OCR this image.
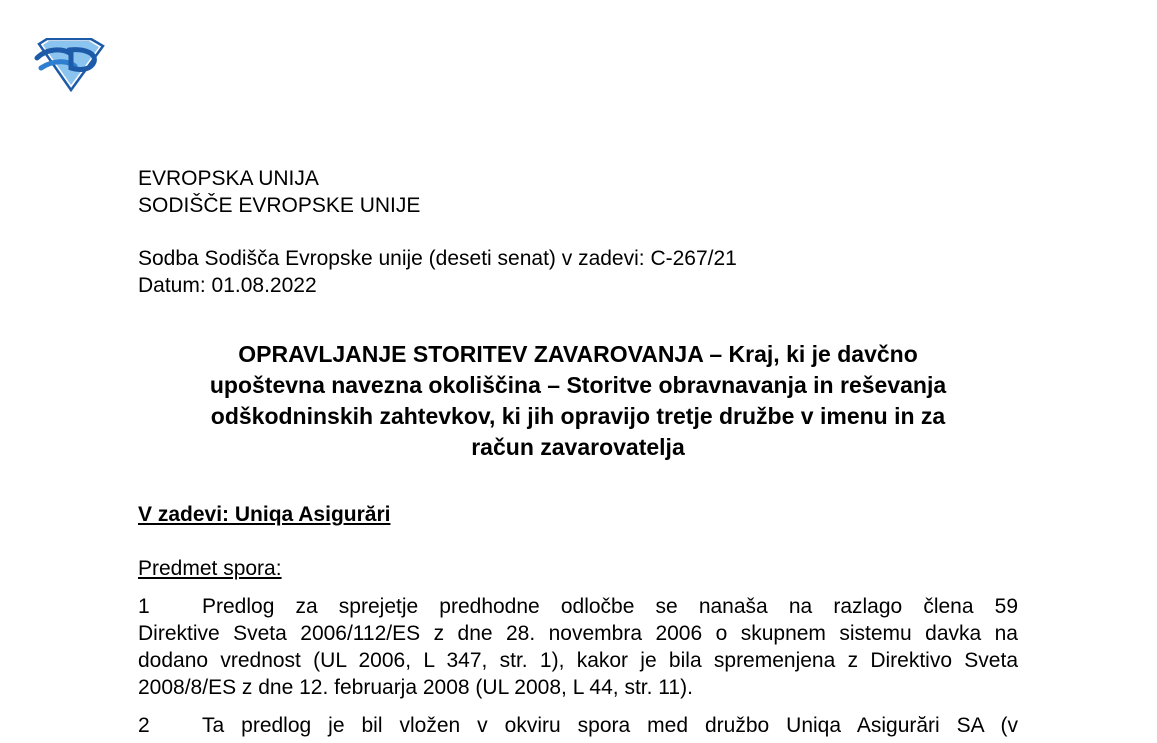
EVROPSKA UNIJA
SODIŠČE EVROPSKE UNIJE
Sodba Sodišča Evropske unije (deseti senat) v zadevi: C-267/21
Datum: 01.08.2022
OPRAVLJANJE STORITEV ZAVAROVANJA – Kraj, ki je davčno
upoštevna navezna okoliščina – Storitve obravnavanja in reševanja
odškodninskih zahtevkov, ki jih opravijo tretje družbe v imenu in za
račun zavarovatelja
V zadevi: Uniqa Asigurări
Predmet spora:
1 Predlog za sprejetje predhodne odločbe se nanaša na razlago člena 59
Direktive Sveta 2006/112/ES z dne 28. novembra 2006 o skupnem sistemu davka na
dodano vrednost (UL 2006, L 347, str. 1), kakor je bila spremenjena z Direktivo Sveta
2008/8/ES z dne 12. februarja 2008 (UL 2008, L 44, str. 11).
2 Ta predlog je bil vložen v okviru spora med družbo Uniqa Asigurări SA (v
